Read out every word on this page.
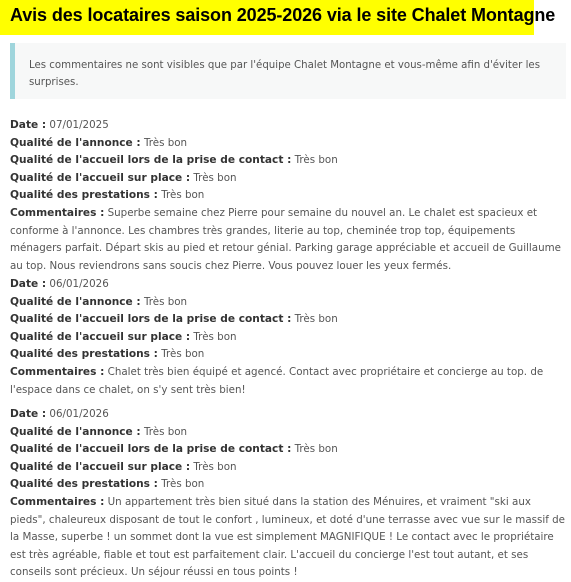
Avis des locataires saison 2025-2026 via le site Chalet Montagne
Les commentaires ne sont visibles que par l'équipe Chalet Montagne et vous-même afin d'éviter les surprises.
Date : 07/01/2025
Qualité de l'annonce : Très bon
Qualité de l'accueil lors de la prise de contact : Très bon
Qualité de l'accueil sur place : Très bon
Qualité des prestations : Très bon
Commentaires : Superbe semaine chez Pierre pour semaine du nouvel an. Le chalet est spacieux et conforme à l'annonce. Les chambres très grandes, literie au top, cheminée trop top, équipements ménagers parfait. Départ skis au pied et retour génial. Parking garage appréciable et accueil de Guillaume au top. Nous reviendrons sans soucis chez Pierre. Vous pouvez louer les yeux fermés.
Date : 06/01/2026
Qualité de l'annonce : Très bon
Qualité de l'accueil lors de la prise de contact : Très bon
Qualité de l'accueil sur place : Très bon
Qualité des prestations : Très bon
Commentaires : Chalet très bien équipé et agencé. Contact avec propriétaire et concierge au top. de l'espace dans ce chalet, on s'y sent très bien!
Date : 06/01/2026
Qualité de l'annonce : Très bon
Qualité de l'accueil lors de la prise de contact : Très bon
Qualité de l'accueil sur place : Très bon
Qualité des prestations : Très bon
Commentaires : Un appartement très bien situé dans la station des Ménuires, et vraiment "ski aux pieds", chaleureux disposant de tout le confort , lumineux, et doté d'une terrasse avec vue sur le massif de la Masse, superbe ! un sommet dont la vue est simplement MAGNIFIQUE ! Le contact avec le propriétaire est très agréable, fiable et tout est parfaitement clair. L'accueil du concierge l'est tout autant, et ses conseils sont précieux. Un séjour réussi en tous points !
